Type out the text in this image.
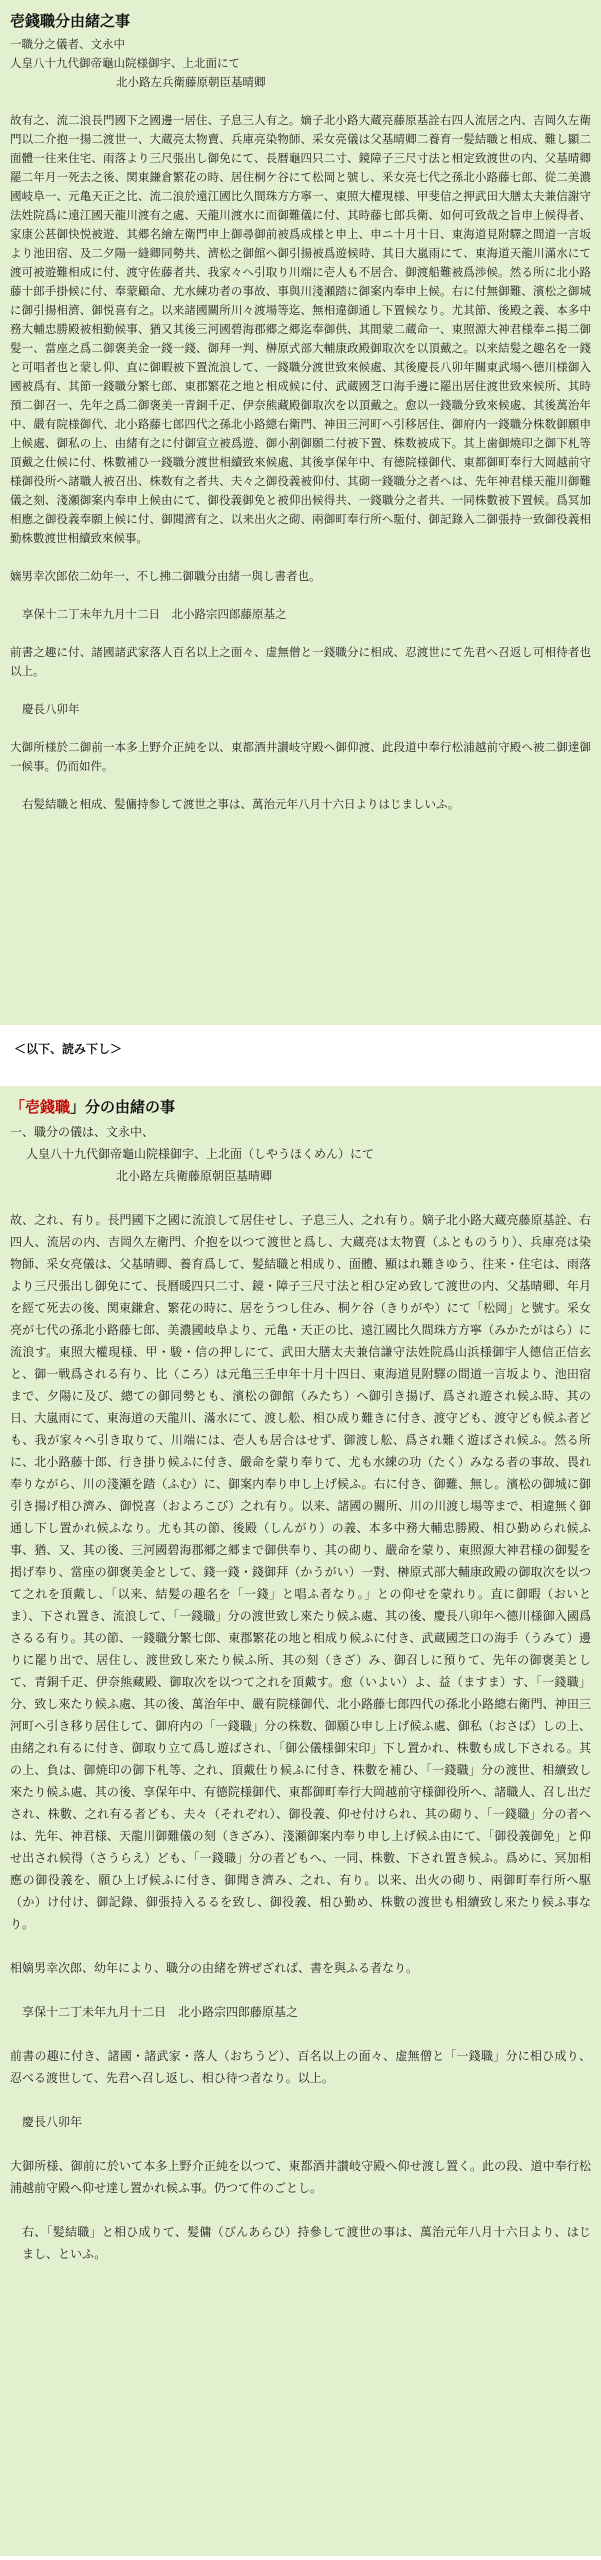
壱錢職分由緒之事

一職分之儀者、文永中

人皇八十九代御帝龜山院様御宇、上北面にて

北小路左兵衛藤原朝臣基晴卿

故有之、流二浪長門國下之國邊一居住、子息三人有之。嫡子北小路大蔵亮藤原基詮右四人流居之内、吉岡久左衛門以二介抱一揚二渡世一、大蔵亮太物賣、兵庫亮染物師、采女亮儀は父基晴卿二養育一髪結職と相成、難し顯二面體一往来住宅、雨落より三尺張出し御免にて、長暦龜四只二寸、鏡障子三尺寸法と相定致渡世の内、父基晴卿罷二年月一死去之後、関東鎌倉繁花の時、居住桐ケ谷にて松岡と號し、釆女亮七代之孫北小路藤七郎、從二美濃國岐阜一、元亀天正之比、流二浪於遠江國比久間珠方方寧一、東照大權現様、甲斐信之押武田大膳太夫兼信謝守法姓院爲に遠江國天龍川渡有之處、天龍川渡水に而御難儀に付、其時藤七郎兵衛、如何可致哉之旨申上候得者、家康公甚御快悦被遊、其郷名繪左衛門申上御尋御前被爲成様と申上、申ニ十月十日、東海道見附驛之間道一言坂より池田宿、及二夕陽一縫卿同勢共、濟松之御館へ御引揚被爲遊候時、其日大嵐雨にて、東海道天龍川滿水にて渡可被遊難相成に付、渡守佐藤者共、我家々へ引取り川端に壱人も不居合、御渡船難被爲渉候。然る所に北小路藤十郎手掛候に付、奉蒙顧命、尤水練功者の事故、事與川淺瀬踏に御案内奉申上候。右に付無御難、濱松之御城に御引揚相濟、御悦喜有之。以来諸國關所川々渡場等迄、無相違御通し下置候なり。尤其節、後殿之義、本多中務大輔忠勝殿被相勤候事、猶又其後三河國碧海郡郷之郷迄奉御供、其間蒙二蔵命一、東照源大神君様奉ニ掲二御髪一、當座之爲二御褒美金一錢一錢、御拜一判、榊原式部大輔康政殿御取次を以頂戴之。以来結髪之趣名を一錢と可唱者也と蒙し仰、直に御暇被下置流浪して、一錢職分渡世致來候處、其後慶長八卯年關東武場へ德川様御入國被爲有、其節一錢職分繁七郎、東郡繁花之地と相成候に付、武蔵國芝口海手邊に罷出居住渡世致來候所、其時預二御召一、先年之爲二御褒美一青銅千疋、伊奈熊藏殿御取次を以頂戴之。愈以一錢職分致來候處、其後萬治年中、嚴有院様御代、北小路藤七郎四代之孫北小路總右衛門、神田三河町へ引移居住、御府内一錢職分株数御願申上候處、御私の上、由緒有之に付御宣立被爲遊、御小割御願二付被下置、株数被成下。其上歯御燒印之御下札等頂戴之仕候に付、株數補ひ一錢職分渡世相續致來候處、其後享保年中、有德院様御代、東都御町奉行大岡越前守様御役所へ諸職人被召出、株数有之者共、夫々之御役義被仰付、其砌一錢職分之者へは、先年神君様天龍川御難儀之刻、淺瀬御案内奉申上候由にて、御役義御免と被仰出候得共、一錢職分之者共、一同株數被下置候。爲冥加相應之御役義奉願上候に付、御聞濟有之、以来出火之砌、兩御町奉行所へ駈付、御記錄入二御張持一致御役義相勤株數渡世相續致來候事。

嫡男幸次郎依二幼年一、不し拂二御職分由緒一與し書者也。

享保十二丁未年九月十二日　北小路宗四郎藤原基之

前書之趣に付、諸國諸武家落人百名以上之面々、虚無僧と一錢職分に相成、忍渡世にて先君へ召返し可相待者也以上。

慶長八卯年

大御所様於二御前一本多上野介正純を以、東都酒井讃岐守殿へ御仰渡、此段道中奉行松浦越前守殿へ被二御達御一候事。仍而如件。

右髪結職と相成、髪傭持参して渡世之事は、萬治元年八月十六日よりはじましいふ。

＜以下、読み下し＞
「壱錢職」分の由緒の事

一、職分の儀は、文永中、

人皇八十九代御帝龜山院様御宇、上北面（しやうほくめん）にて

北小路左兵衛藤原朝臣基晴卿

故、之れ、有り。長門國下之國に流浪して居住せし、子息三人、之れ有り。嫡子北小路大蔵亮藤原基詮、右四人、流居の内、吉岡久左衛門、介抱を以つて渡世と爲し、大蔵亮は太物賣（ふとものうり）、兵庫亮は染物師、采女亮儀は、父基晴卿、養育爲して、髪結職と相成り、面體、顯はれ難きゆう、往来・住宅は、雨落より三尺張出し御免にて、長暦暖四只二寸、鏡・障子三尺寸法と相ひ定め致して渡世の内、父基晴卿、年月を經て死去の後、関東鎌倉、繁花の時に、居をうつし住み、桐ケ谷（きりがや）にて「松岡」と號す。采女亮が七代の孫北小路藤七郎、美濃國岐阜より、元亀・天正の比、遠江國比久間珠方方寧（みかたがはら）に流浪す。東照大權現様、甲・駿・信の押しにて、武田大膳太夫兼信謙守法姓院爲山浜様御宇人德信正信玄と、御一戦爲される有り、比（ころ）は元亀三壬申年十月十四日、東海道見附驛の間道一言坂より、池田宿まで、夕陽に及び、總ての御同勢とも、濱松の御館（みたち）へ御引き揚げ、爲され遊され候ふ時、其の日、大嵐雨にて、東海道の天龍川、滿水にて、渡し舩、相ひ成り難きに付き、渡守ども、渡守ども候ふ者ども、我が家々へ引き取りて、川端には、壱人も居合はせず、御渡し舩、爲され難く遊ばされ候ふ。然る所に、北小路藤十郎、行き掛り候ふに付き、嚴命を蒙り奉りて、尤も水練の功（たく）みなる者の事故、畏れ奉りながら、川の淺瀬を踏（ふむ）に、御案内奉り申し上げ候ふ。右に付き、御難、無し。濱松の御城に御引き揚げ相ひ濟み、御悦喜（およろこび）之れ有り。以来、諸國の關所、川の川渡し場等まで、相違無く御通し下し置かれ候ふなり。尤も其の節、後殿（しんがり）の義、本多中務大輔忠勝殿、相ひ勤められ候ふ事、猶、又、其の後、三河國碧海郡郷之郷まで御供奉り、其の砌り、嚴命を蒙り、東照源大神君様の御髪を掲げ奉り、當座の御褒美金として、錢一錢・錢御拜（かうがい）一對、榊原式部大輔康政殿の御取次を以つて之れを頂戴し、「以来、結髪の趣名を「一錢」と唱ふ者なり。」との仰せを蒙れり。直に御暇（おいとま）、下され置き、流浪して、「一錢職」分の渡世致し來たり候ふ處、其の後、慶長八卯年へ德川様御入國爲さるる有り。其の節、一錢職分繁七郎、東郡繁花の地と相成り候ふに付き、武蔵國芝口の海手（うみて）邊りに罷り出で、居住し、渡世致し來たり候ふ所、其の刻（きざ）み、御召しに預りて、先年の御褒美として、青銅千疋、伊奈熊藏殿、御取次を以つて之れを頂戴す。愈（いよい）よ、益（ますま）す、「一錢職」分、致し來たり候ふ處、其の後、萬治年中、嚴有院様御代、北小路藤七郎四代の孫北小路總右衛門、神田三河町へ引き移り居住して、御府内の「一錢職」分の株数、御願ひ申し上げ候ふ處、御私（おさば）しの上、由緒之れ有るに付き、御取り立て爲し遊ばされ、「御公儀様御宋印」下し置かれ、株數も成し下される。其の上、負は、御焼印の御下札等、之れ、頂戴仕り候ふに付き、株數を補ひ、「一錢職」分の渡世、相續致し來たり候ふ處、其の後、享保年中、有德院様御代、東都御町奉行大岡越前守様御役所へ、諸職人、召し出だされ、株數、之れ有る者ども、夫々（それぞれ）、御役義、仰せ付けられ、其の砌り、「一錢職」分の者へは、先年、神君様、天龍川御難儀の刻（きざみ）、淺瀬御案内奉り申し上げ候ふ由にて、「御役義御免」と仰せ出され候得（さうらえ）ども、「一錢職」分の者どもへ、一同、株數、下され置き候ふ。爲めに、冥加相應の御役義を、願ひ上げ候ふに付き、御聞き濟み、之れ、有り。以来、出火の砌り、兩御町奉行所へ駆（か）け付け、御記錄、御張持入るるを致し、御役義、相ひ勤め、株數の渡世も相續致し來たり候ふ事なり。

相嫡男幸次郎、幼年により、職分の由緒を辨ぜざれば、書を與ふる者なり。

享保十二丁未年九月十二日　北小路宗四郎藤原基之

前書の趣に付き、諸國・諸武家・落人（おちうど）、百名以上の面々、虚無僧と「一錢職」分に相ひ成り、忍べる渡世して、先君へ召し返し、相ひ待つ者なり。以上。

慶長八卯年

大御所様、御前に於いて本多上野介正純を以つて、東都酒井讃岐守殿へ仰せ渡し置く。此の段、道中奉行松浦越前守殿へ仰せ達し置かれ候ふ事。仍つて件のごとし。

右、「髪結職」と相ひ成りて、髪傭（びんあらひ）持參して渡世の事は、萬治元年八月十六日より、はじまし、といふ。
